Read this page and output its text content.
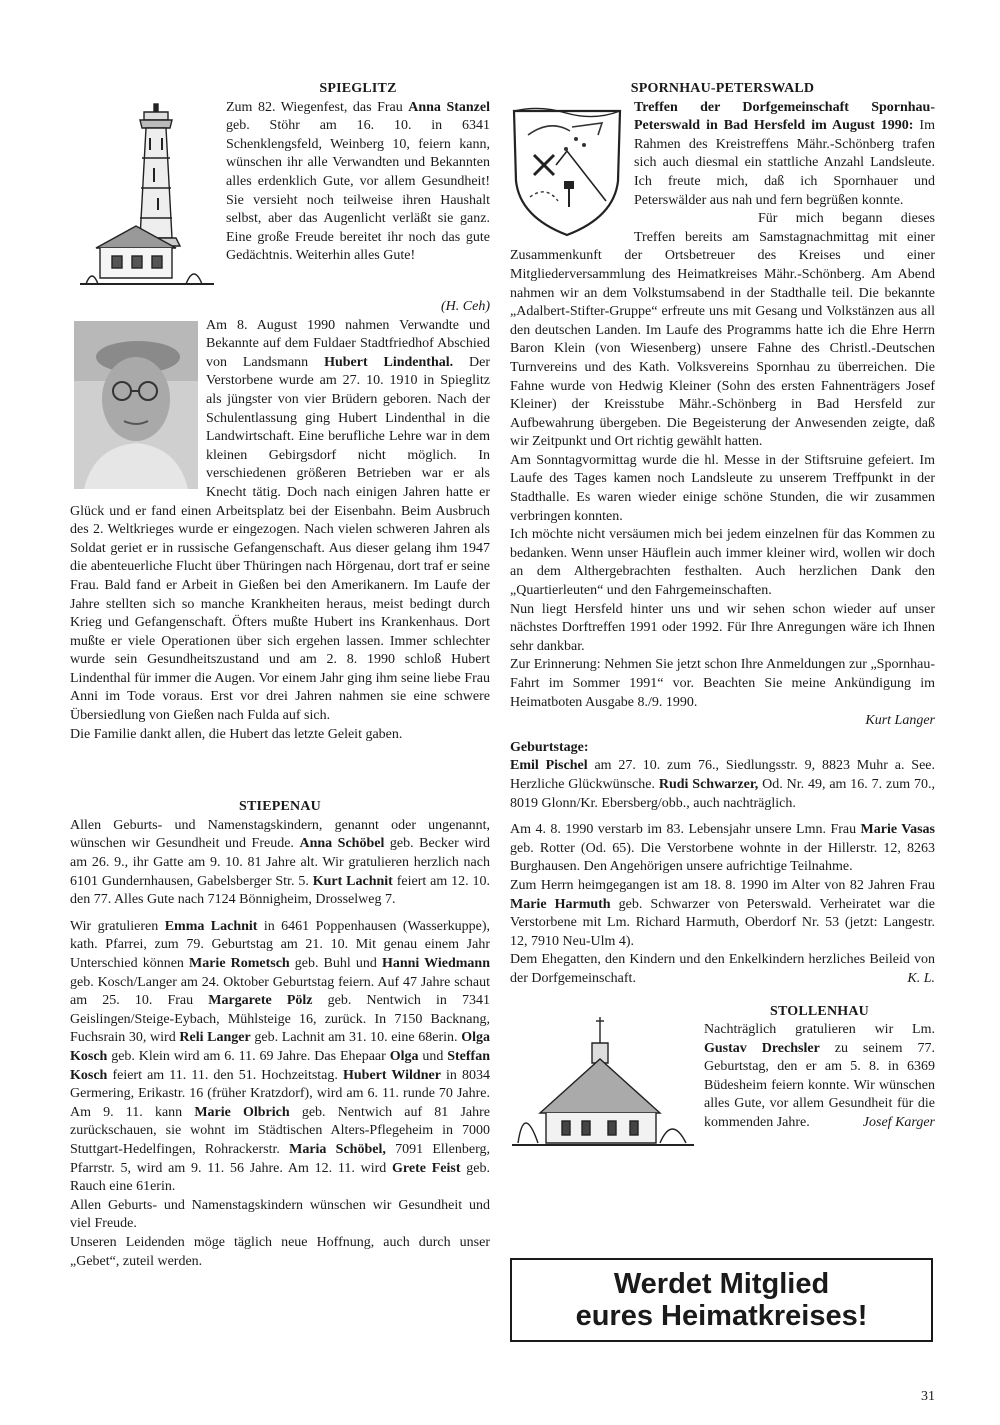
SPIEGLITZ

Zum 82. Wiegenfest, das Frau Anna Stanzel geb. Stöhr am 16. 10. in 6341 Schenklengsfeld, Weinberg 10, feiern kann, wünschen ihr alle Verwandten und Bekannten alles erdenklich Gute, vor allem Gesundheit! Sie versieht noch teilweise ihren Haushalt selbst, aber das Augenlicht verläßt sie ganz. Eine große Freude bereitet ihr noch das gute Gedächtnis. Weiterhin alles Gute!

(H. Ceh)

Am 8. August 1990 nahmen Verwandte und Bekannte auf dem Fuldaer Stadtfriedhof Abschied von Landsmann Hubert Lindenthal. Der Verstorbene wurde am 27. 10. 1910 in Spieglitz als jüngster von vier Brüdern geboren. Nach der Schulentlassung ging Hubert Lindenthal in die Landwirtschaft. Eine berufliche Lehre war in dem kleinen Gebirgsdorf nicht möglich. In verschiedenen größeren Betrieben war er als Knecht tätig. Doch nach einigen Jahren hatte er Glück und er fand einen Arbeitsplatz bei der Eisenbahn. Beim Ausbruch des 2. Weltkrieges wurde er eingezogen. Nach vielen schweren Jahren als Soldat geriet er in russische Gefangenschaft. Aus dieser gelang ihm 1947 die abenteuerliche Flucht über Thüringen nach Hörgenau, dort traf er seine Frau. Bald fand er Arbeit in Gießen bei den Amerikanern. Im Laufe der Jahre stellten sich so manche Krankheiten heraus, meist bedingt durch Krieg und Gefangenschaft. Öfters mußte Hubert ins Krankenhaus. Dort mußte er viele Operationen über sich ergehen lassen. Immer schlechter wurde sein Gesundheitszustand und am 2. 8. 1990 schloß Hubert Lindenthal für immer die Augen. Vor einem Jahr ging ihm seine liebe Frau Anni im Tode voraus. Erst vor drei Jahren nahmen sie eine schwere Übersiedlung von Gießen nach Fulda auf sich.

Die Familie dankt allen, die Hubert das letzte Geleit gaben.

STIEPENAU

Allen Geburts- und Namenstagskindern, genannt oder ungenannt, wünschen wir Gesundheit und Freude. Anna Schöbel geb. Becker wird am 26. 9., ihr Gatte am 9. 10. 81 Jahre alt. Wir gratulieren herzlich nach 6101 Gundernhausen, Gabelsberger Str. 5. Kurt Lachnit feiert am 12. 10. den 77. Alles Gute nach 7124 Bönnigheim, Drosselweg 7.

Wir gratulieren Emma Lachnit in 6461 Poppenhausen (Wasserkuppe), kath. Pfarrei, zum 79. Geburtstag am 21. 10. Mit genau einem Jahr Unterschied können Marie Rometsch geb. Buhl und Hanni Wiedmann geb. Kosch/Langer am 24. Oktober Geburtstag feiern. Auf 47 Jahre schaut am 25. 10. Frau Margarete Pölz geb. Nentwich in 7341 Geislingen/Steige-Eybach, Mühlsteige 16, zurück. In 7150 Backnang, Fuchsrain 30, wird Reli Langer geb. Lachnit am 31. 10. eine 68erin. Olga Kosch geb. Klein wird am 6. 11. 69 Jahre. Das Ehepaar Olga und Steffan Kosch feiert am 11. 11. den 51. Hochzeitstag. Hubert Wildner in 8034 Germering, Erikastr. 16 (früher Kratzdorf), wird am 6. 11. runde 70 Jahre. Am 9. 11. kann Marie Olbrich geb. Nentwich auf 81 Jahre zurückschauen, sie wohnt im Städtischen Alters-Pflegeheim in 7000 Stuttgart-Hedelfingen, Rohrackerstr. Maria Schöbel, 7091 Ellenberg, Pfarrstr. 5, wird am 9. 11. 56 Jahre. Am 12. 11. wird Grete Feist geb. Rauch eine 61erin.

Allen Geburts- und Namenstagskindern wünschen wir Gesundheit und viel Freude.

Unseren Leidenden möge täglich neue Hoffnung, auch durch unser „Gebet“, zuteil werden.

SPORNHAU-PETERSWALD

Treffen der Dorfgemeinschaft Spornhau-Peterswald in Bad Hersfeld im August 1990: Im Rahmen des Kreistreffens Mähr.-Schönberg trafen sich auch diesmal ein stattliche Anzahl Landsleute. Ich freute mich, daß ich Spornhauer und Peterswälder aus nah und fern begrüßen konnte.

Für mich begann dieses Treffen bereits am Samstagnachmittag mit einer Zusammenkunft der Ortsbetreuer des Kreises und einer Mitgliederversammlung des Heimatkreises Mähr.-Schönberg. Am Abend nahmen wir an dem Volkstumsabend in der Stadthalle teil. Die bekannte „Adalbert-Stifter-Gruppe“ erfreute uns mit Gesang und Volkstänzen aus all den deutschen Landen. Im Laufe des Programms hatte ich die Ehre Herrn Baron Klein (von Wiesenberg) unsere Fahne des Christl.-Deutschen Turnvereins und des Kath. Volksvereins Spornhau zu überreichen. Die Fahne wurde von Hedwig Kleiner (Sohn des ersten Fahnenträgers Josef Kleiner) der Kreisstube Mähr.-Schönberg in Bad Hersfeld zur Aufbewahrung übergeben. Die Begeisterung der Anwesenden zeigte, daß wir Zeitpunkt und Ort richtig gewählt hatten.

Am Sonntagvormittag wurde die hl. Messe in der Stiftsruine gefeiert. Im Laufe des Tages kamen noch Landsleute zu unserem Treffpunkt in der Stadthalle. Es waren wieder einige schöne Stunden, die wir zusammen verbringen konnten.

Ich möchte nicht versäumen mich bei jedem einzelnen für das Kommen zu bedanken. Wenn unser Häuflein auch immer kleiner wird, wollen wir doch an dem Althergebrachten festhalten. Auch herzlichen Dank den „Quartierleuten“ und den Fahrgemeinschaften.

Nun liegt Hersfeld hinter uns und wir sehen schon wieder auf unser nächstes Dorftreffen 1991 oder 1992. Für Ihre Anregungen wäre ich Ihnen sehr dankbar.

Zur Erinnerung: Nehmen Sie jetzt schon Ihre Anmeldungen zur „Spornhau-Fahrt im Sommer 1991“ vor. Beachten Sie meine Ankündigung im Heimatboten Ausgabe 8./9. 1990.

Kurt Langer

Geburtstage:

Emil Pischel am 27. 10. zum 76., Siedlungsstr. 9, 8823 Muhr a. See. Herzliche Glückwünsche. Rudi Schwarzer, Od. Nr. 49, am 16. 7. zum 70., 8019 Glonn/Kr. Ebersberg/obb., auch nachträglich.

Am 4. 8. 1990 verstarb im 83. Lebensjahr unsere Lmn. Frau Marie Vasas geb. Rotter (Od. 65). Die Verstorbene wohnte in der Hillerstr. 12, 8263 Burghausen. Den Angehörigen unsere aufrichtige Teilnahme.

Zum Herrn heimgegangen ist am 18. 8. 1990 im Alter von 82 Jahren Frau Marie Harmuth geb. Schwarzer von Peterswald. Verheiratet war die Verstorbene mit Lm. Richard Harmuth, Oberdorf Nr. 53 (jetzt: Langestr. 12, 7910 Neu-Ulm 4).

Dem Ehegatten, den Kindern und den Enkelkindern herzliches Beileid von der Dorfgemeinschaft.	K. L.

STOLLENHAU

Nachträglich gratulieren wir Lm. Gustav Drechsler zu seinem 77. Geburtstag, den er am 5. 8. in 6369 Büdesheim feiern konnte. Wir wünschen alles Gute, vor allem Gesundheit für die kommenden Jahre.	Josef Karger

Werdet Mitglied
eures Heimatkreises!
31
